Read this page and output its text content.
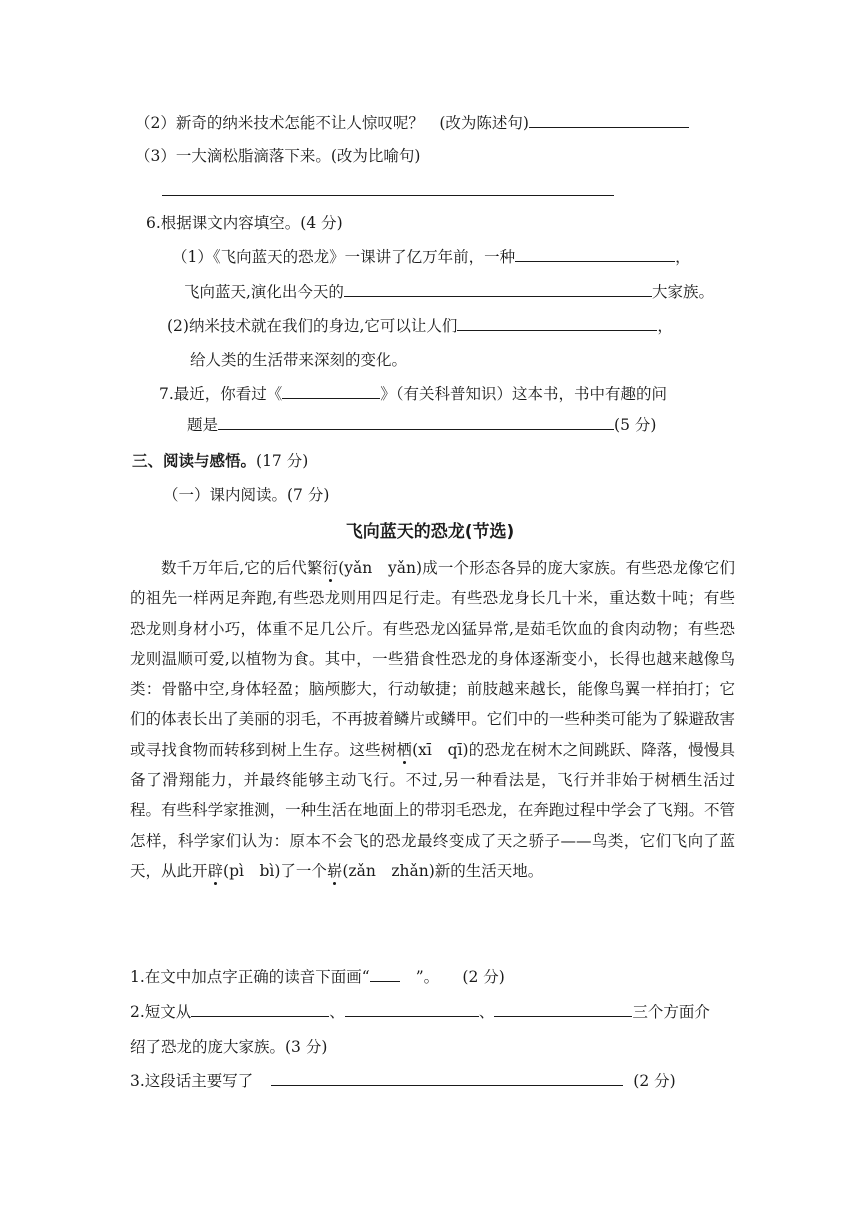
（2）新奇的纳米技术怎能不让人惊叹呢？　(改为陈述句)
（3）一大滴松脂滴落下来。(改为比喻句)
6.根据课文内容填空。(4 分)
（1）《飞向蓝天的恐龙》一课讲了亿万年前，一种	，
飞向蓝天,演化出今天的	大家族。
(2)纳米技术就在我们的身边,它可以让人们	，
给人类的生活带来深刻的变化。
7.最近，你看过《	》（有关科普知识）这本书，书中有趣的问
题是	(5 分)
三、阅读与感悟。(17 分)
（一）课内阅读。(7 分)
飞向蓝天的恐龙(节选)
数千万年后,它的后代繁衍(yǎn　yǎn)成一个形态各异的庞大家族。有些恐龙像它们的祖先一样两足奔跑,有些恐龙则用四足行走。有些恐龙身长几十米，重达数十吨；有些恐龙则身材小巧，体重不足几公斤。有些恐龙凶猛异常,是茹毛饮血的食肉动物；有些恐龙则温顺可爱,以植物为食。其中，一些猎食性恐龙的身体逐渐变小，长得也越来越像鸟类：骨骼中空,身体轻盈；脑颅膨大，行动敏捷；前肢越来越长，能像鸟翼一样拍打；它们的体表长出了美丽的羽毛，不再披着鳞片或鳞甲。它们中的一些种类可能为了躲避敌害或寻找食物而转移到树上生存。这些树栖(xī　qī)的恐龙在树木之间跳跃、降落，慢慢具备了滑翔能力，并最终能够主动飞行。不过,另一种看法是，飞行并非始于树栖生活过程。有些科学家推测，一种生活在地面上的带羽毛恐龙，在奔跑过程中学会了飞翔。不管怎样，科学家们认为：原本不会飞的恐龙最终变成了天之骄子——鸟类，它们飞向了蓝天，从此开辟(pì　bì)了一个崭(zǎn　zhǎn)新的生活天地。
1.在文中加点字正确的读音下面画“	”。　　(2 分)
2.短文从	、	、	三个方面介
绍了恐龙的庞大家族。(3 分)
3.这段话主要写了	(2 分)
